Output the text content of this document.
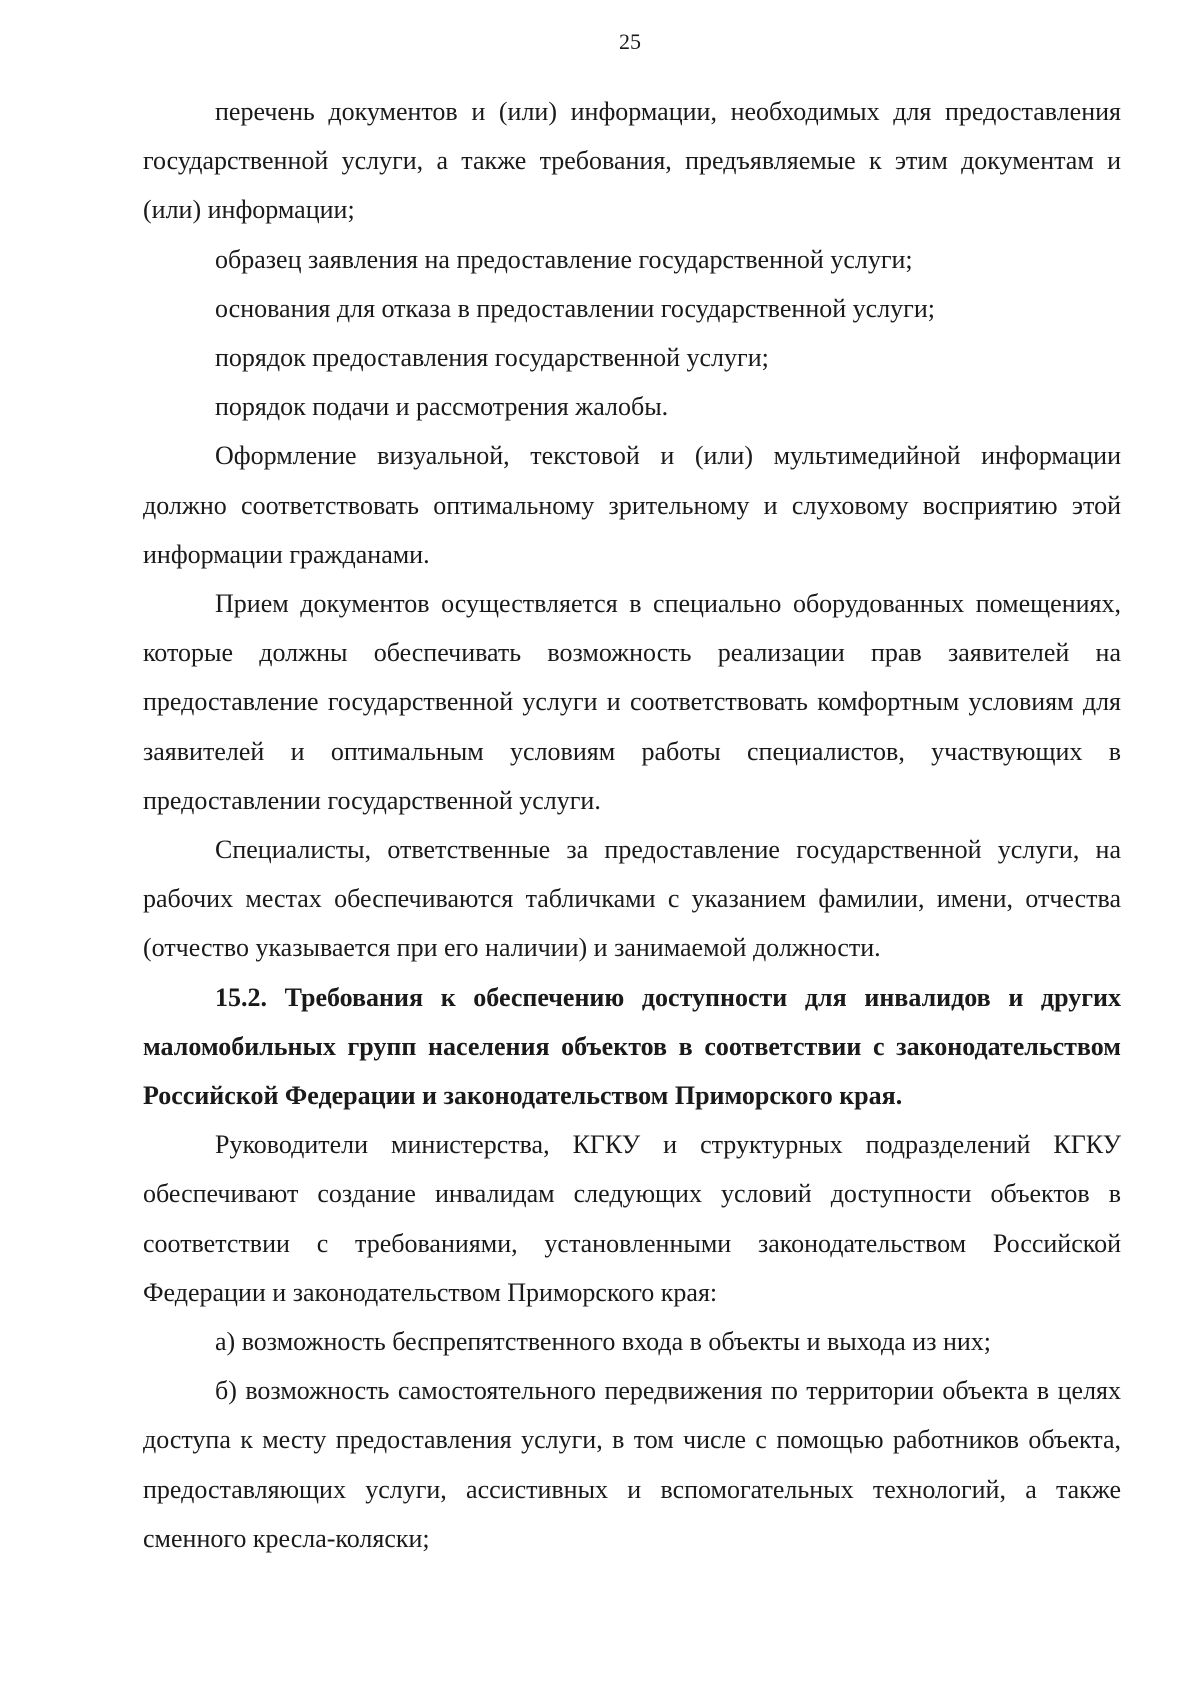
25

перечень документов и (или) информации, необходимых для предоставления государственной услуги, а также требования, предъявляемые к этим документам и (или) информации;

образец заявления на предоставление государственной услуги;

основания для отказа в предоставлении государственной услуги;

порядок предоставления государственной услуги;

порядок подачи и рассмотрения жалобы.

Оформление визуальной, текстовой и (или) мультимедийной информации должно соответствовать оптимальному зрительному и слуховому восприятию этой информации гражданами.

Прием документов осуществляется в специально оборудованных помещениях, которые должны обеспечивать возможность реализации прав заявителей на предоставление государственной услуги и соответствовать комфортным условиям для заявителей и оптимальным условиям работы специалистов, участвующих в предоставлении государственной услуги.

Специалисты, ответственные за предоставление государственной услуги, на рабочих местах обеспечиваются табличками с указанием фамилии, имени, отчества (отчество указывается при его наличии) и занимаемой должности.

15.2. Требования к обеспечению доступности для инвалидов и других маломобильных групп населения объектов в соответствии с законодательством Российской Федерации и законодательством Приморского края.

Руководители министерства, КГКУ и структурных подразделений КГКУ обеспечивают создание инвалидам следующих условий доступности объектов в соответствии с требованиями, установленными законодательством Российской Федерации и законодательством Приморского края:

а) возможность беспрепятственного входа в объекты и выхода из них;

б) возможность самостоятельного передвижения по территории объекта в целях доступа к месту предоставления услуги, в том числе с помощью работников объекта, предоставляющих услуги, ассистивных и вспомогательных технологий, а также сменного кресла-коляски;
